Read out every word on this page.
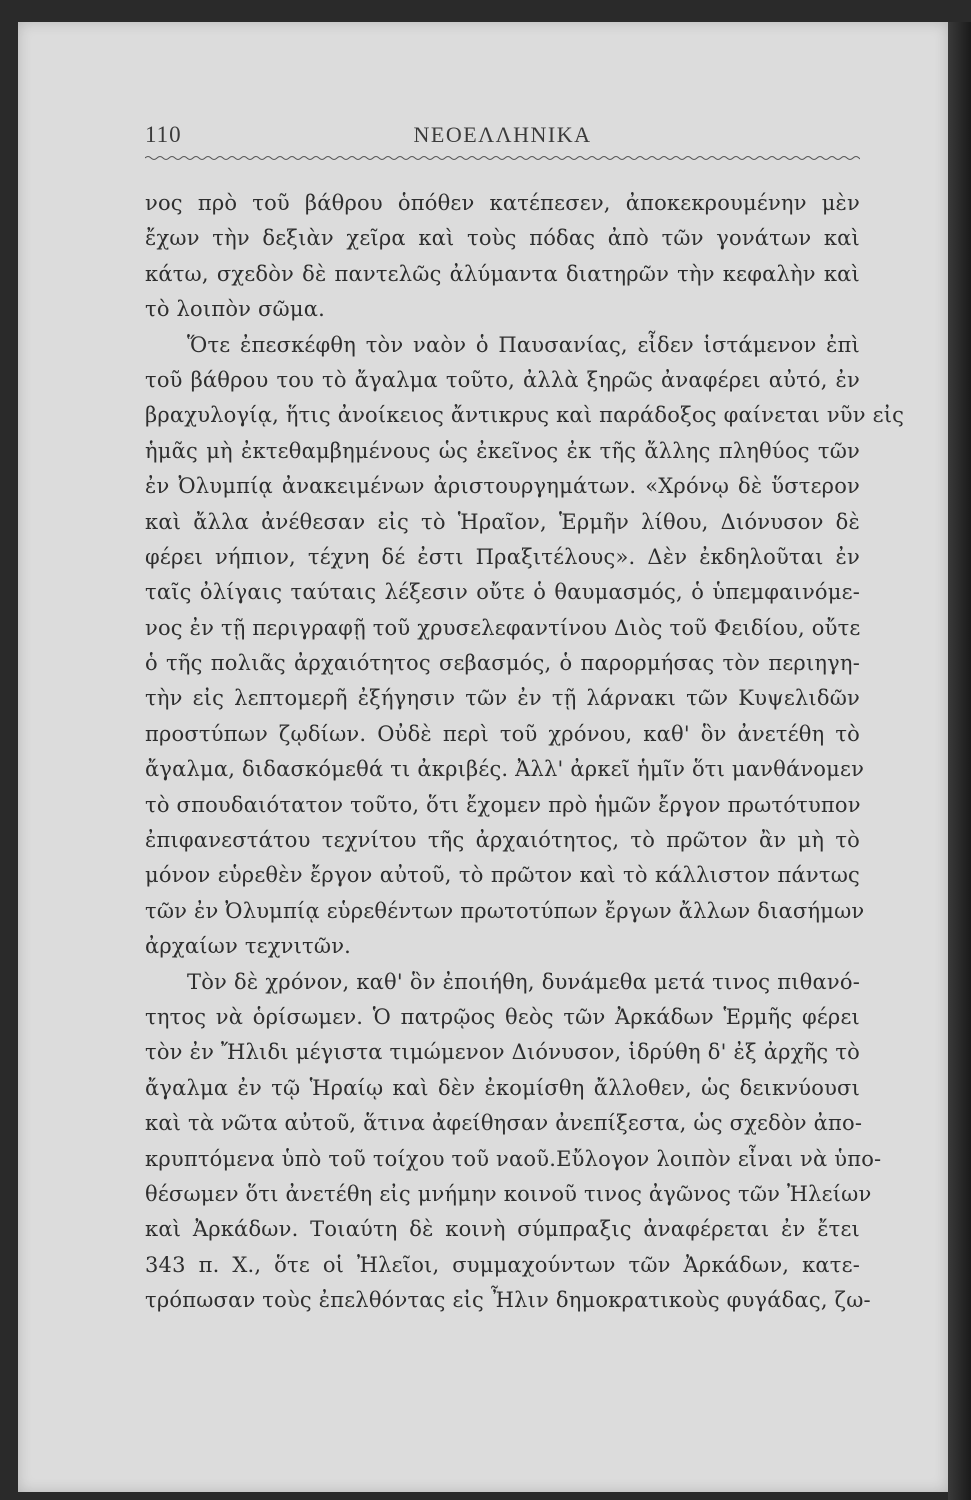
110	ΝΕΟΕΛΛΗΝΙΚΑ
νος πρὸ τοῦ βάθρου ὁπόθεν κατέπεσεν, ἀποκεκρουμένην μὲν
ἔχων τὴν δεξιὰν χεῖρα καὶ τοὺς πόδας ἀπὸ τῶν γονάτων καὶ
κάτω, σχεδὸν δὲ παντελῶς ἀλύμαντα διατηρῶν τὴν κεφαλὴν καὶ
τὸ λοιπὸν σῶμα.
Ὅτε ἐπεσκέφθη τὸν ναὸν ὁ Παυσανίας, εἶδεν ἱστάμενον ἐπὶ
τοῦ βάθρου του τὸ ἄγαλμα τοῦτο, ἀλλὰ ξηρῶς ἀναφέρει αὐτό, ἐν
βραχυλογίᾳ, ἥτις ἀνοίκειος ἄντικρυς καὶ παράδοξος φαίνεται νῦν εἰς
ἡμᾶς μὴ ἐκτεθαμβημένους ὡς ἐκεῖνος ἐκ τῆς ἄλλης πληθύος τῶν
ἐν Ὀλυμπίᾳ ἀνακειμένων ἀριστουργημάτων. «Χρόνῳ δὲ ὕστερον
καὶ ἄλλα ἀνέθεσαν εἰς τὸ Ἡραῖον, Ἑρμῆν λίθου, Διόνυσον δὲ
φέρει νήπιον, τέχνη δέ ἐστι Πραξιτέλους». Δὲν ἐκδηλοῦται ἐν
ταῖς ὀλίγαις ταύταις λέξεσιν οὔτε ὁ θαυμασμός, ὁ ὑπεμφαινόμε-
νος ἐν τῇ περιγραφῇ τοῦ χρυσελεφαντίνου Διὸς τοῦ Φειδίου, οὔτε
ὁ τῆς πολιᾶς ἀρχαιότητος σεβασμός, ὁ παρορμήσας τὸν περιηγη-
τὴν εἰς λεπτομερῆ ἐξήγησιν τῶν ἐν τῇ λάρνακι τῶν Κυψελιδῶν
προστύπων ζῳδίων. Οὐδὲ περὶ τοῦ χρόνου, καθ' ὃν ἀνετέθη τὸ
ἄγαλμα, διδασκόμεθά τι ἀκριβές. Ἀλλ' ἀρκεῖ ἡμῖν ὅτι μανθάνομεν
τὸ σπουδαιότατον τοῦτο, ὅτι ἔχομεν πρὸ ἡμῶν ἔργον πρωτότυπον
ἐπιφανεστάτου τεχνίτου τῆς ἀρχαιότητος, τὸ πρῶτον ἂν μὴ τὸ
μόνον εὑρεθὲν ἔργον αὐτοῦ, τὸ πρῶτον καὶ τὸ κάλλιστον πάντως
τῶν ἐν Ὀλυμπίᾳ εὑρεθέντων πρωτοτύπων ἔργων ἄλλων διασήμων
ἀρχαίων τεχνιτῶν.
Τὸν δὲ χρόνον, καθ' ὃν ἐποιήθη, δυνάμεθα μετά τινος πιθανό-
τητος νὰ ὁρίσωμεν. Ὁ πατρῷος θεὸς τῶν Ἀρκάδων Ἑρμῆς φέρει
τὸν ἐν Ἤλιδι μέγιστα τιμώμενον Διόνυσον, ἱδρύθη δ' ἐξ ἀρχῆς τὸ
ἄγαλμα ἐν τῷ Ἡραίῳ καὶ δὲν ἐκομίσθη ἄλλοθεν, ὡς δεικνύουσι
καὶ τὰ νῶτα αὐτοῦ, ἅτινα ἀφείθησαν ἀνεπίξεστα, ὡς σχεδὸν ἀπο-
κρυπτόμενα ὑπὸ τοῦ τοίχου τοῦ ναοῦ.Εὔλογον λοιπὸν εἶναι νὰ ὑπο-
θέσωμεν ὅτι ἀνετέθη εἰς μνήμην κοινοῦ τινος ἀγῶνος τῶν Ἠλείων
καὶ Ἀρκάδων. Τοιαύτη δὲ κοινὴ σύμπραξις ἀναφέρεται ἐν ἔτει
343 π. Χ., ὅτε οἱ Ἠλεῖοι, συμμαχούντων τῶν Ἀρκάδων, κατε-
τρόπωσαν τοὺς ἐπελθόντας εἰς Ἦλιν δημοκρατικοὺς φυγάδας, ζω-
